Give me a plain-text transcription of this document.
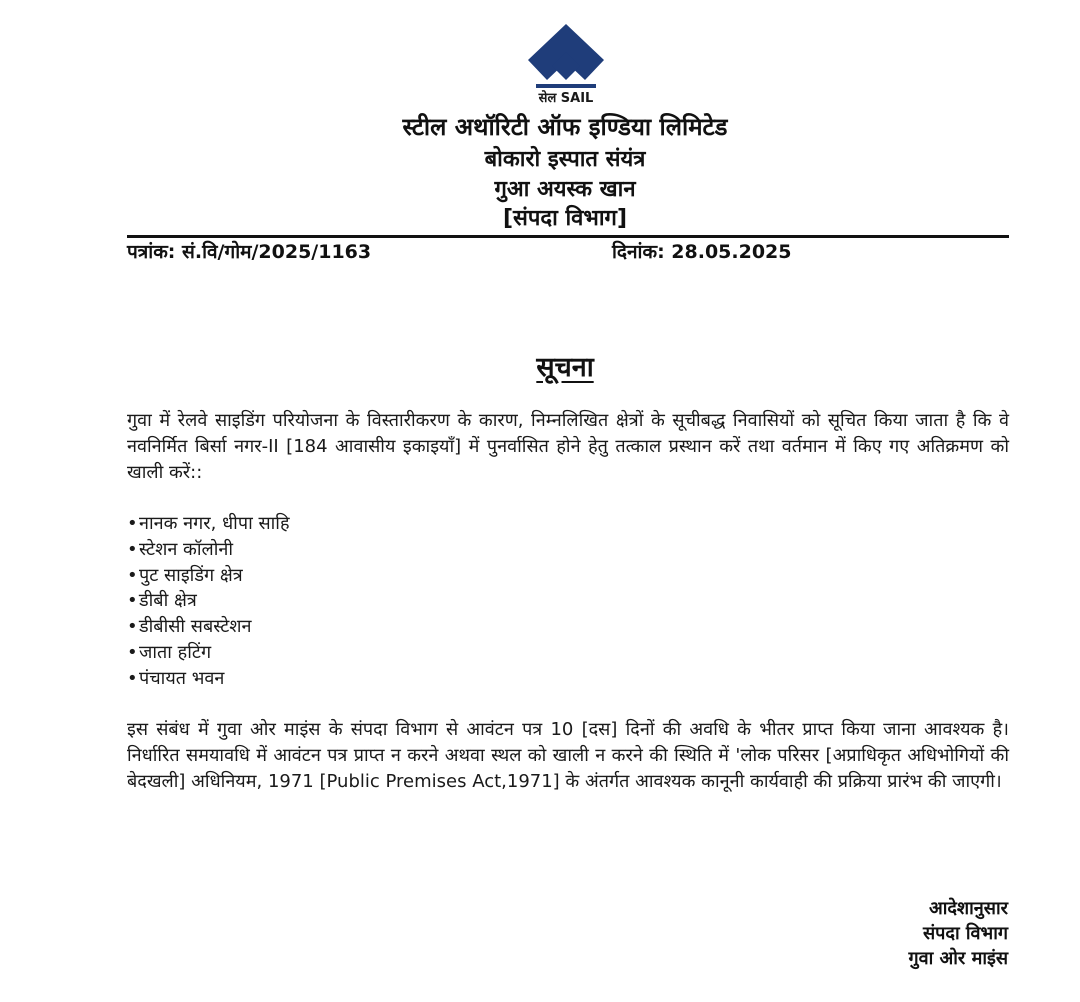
सेल SAIL
स्टील अथॉरिटी ऑफ इण्डिया लिमिटेड
बोकारो इस्पात संयंत्र
गुआ अयस्क खान
[संपदा विभाग]
पत्रांक: सं.वि/गोम/2025/1163	दिनांक: 28.05.2025
सूचना
गुवा में रेलवे साइडिंग परियोजना के विस्तारीकरण के कारण, निम्नलिखित क्षेत्रों के सूचीबद्ध निवासियों को सूचित किया जाता है कि वे नवनिर्मित बिर्सा नगर-II [184 आवासीय इकाइयाँ] में पुनर्वासित होने हेतु तत्काल प्रस्थान करें तथा वर्तमान में किए गए अतिक्रमण को खाली करें::
•नानक नगर, धीपा साहि
•स्टेशन कॉलोनी
•पुट साइडिंग क्षेत्र
•डीबी क्षेत्र
•डीबीसी सबस्टेशन
•जाता हटिंग
•पंचायत भवन
इस संबंध में गुवा ओर माइंस के संपदा विभाग से आवंटन पत्र 10 [दस] दिनों की अवधि के भीतर प्राप्त किया जाना आवश्यक है। निर्धारित समयावधि में आवंटन पत्र प्राप्त न करने अथवा स्थल को खाली न करने की स्थिति में 'लोक परिसर [अप्राधिकृत अधिभोगियों की बेदखली] अधिनियम, 1971 [Public Premises Act,1971] के अंतर्गत आवश्यक कानूनी कार्यवाही की प्रक्रिया प्रारंभ की जाएगी।
आदेशानुसार
संपदा विभाग
गुवा ओर माइंस
